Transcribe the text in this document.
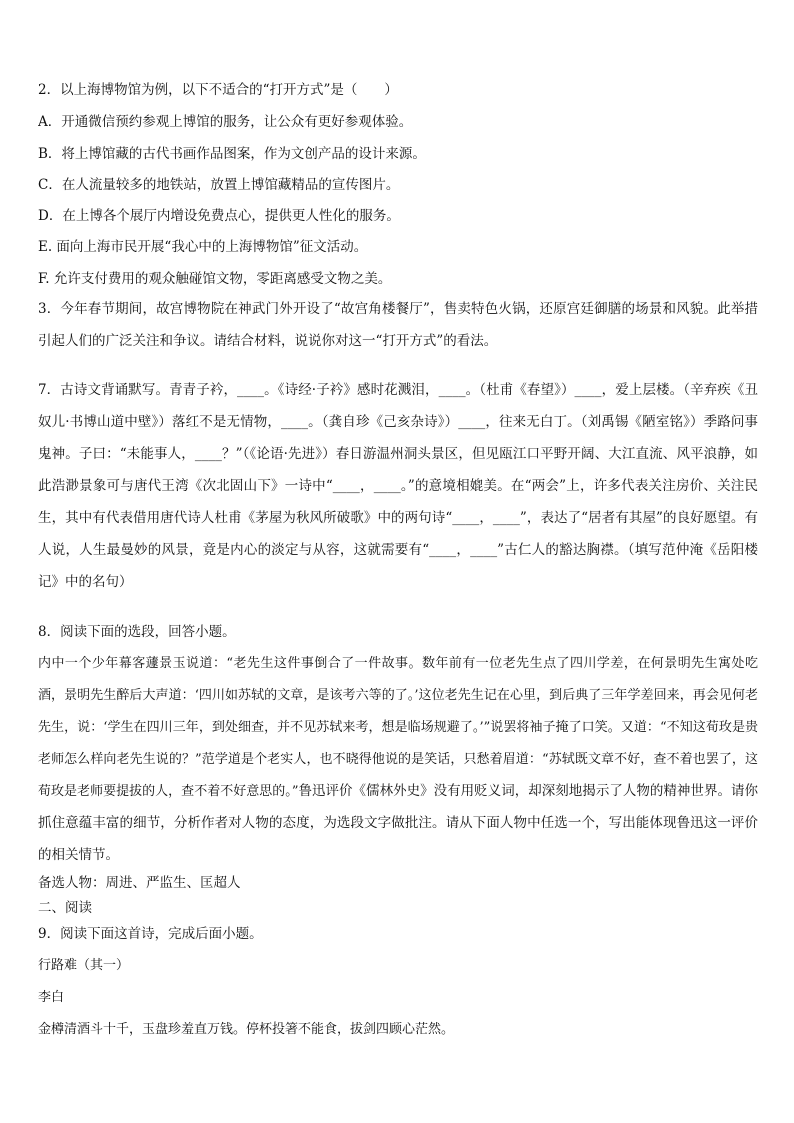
2．以上海博物馆为例，以下不适合的“打开方式”是（　　）
A．开通微信预约参观上博馆的服务，让公众有更好参观体验。
B．将上博馆藏的古代书画作品图案，作为文创产品的设计来源。
C．在人流量较多的地铁站，放置上博馆藏精品的宣传图片。
D．在上博各个展厅内增设免费点心，提供更人性化的服务。
E. 面向上海市民开展“我心中的上海博物馆”征文活动。
F. 允许支付费用的观众触碰馆文物，零距离感受文物之美。
3．今年春节期间，故宫博物院在神武门外开设了“故宫角楼餐厅”，售卖特色火锅，还原宫廷御膳的场景和风貌。此举措引起人们的广泛关注和争议。请结合材料，说说你对这一“打开方式”的看法。
7．古诗文背诵默写。青青子衿，____。《诗经·子衿》感时花溅泪，____。（杜甫《春望》）____，爱上层楼。（辛弃疾《丑奴儿·书博山道中壁》）落红不是无情物，____。（龚自珍《己亥杂诗》）____，往来无白丁。（刘禹锡《陋室铭》）季路问事鬼神。子曰：“未能事人，____？”（《论语·先进》）春日游温州洞头景区，但见瓯江口平野开阔、大江直流、风平浪静，如此浩渺景象可与唐代王湾《次北固山下》一诗中“____，____。”的意境相媲美。在“两会”上，许多代表关注房价、关注民生，其中有代表借用唐代诗人杜甫《茅屋为秋风所破歌》中的两句诗“____，____”，表达了“居者有其屋”的良好愿望。有人说，人生最曼妙的风景，竟是内心的淡定与从容，这就需要有“____，____”古仁人的豁达胸襟。（填写范仲淹《岳阳楼记》中的名句）
8．阅读下面的选段，回答小题。
内中一个少年幕客蘧景玉说道：“老先生这件事倒合了一件故事。数年前有一位老先生点了四川学差，在何景明先生寓处吃酒，景明先生醉后大声道：‘四川如苏轼的文章，是该考六等的了。’这位老先生记在心里，到后典了三年学差回来，再会见何老先生，说：‘学生在四川三年，到处细查，并不见苏轼来考，想是临场规避了。’”说罢将袖子掩了口笑。又道：“不知这荀玫是贵老师怎么样向老先生说的？”范学道是个老实人，也不晓得他说的是笑话，只愁着眉道：“苏轼既文章不好，查不着也罢了，这荀玫是老师要提拔的人，查不着不好意思的。”鲁迅评价《儒林外史》没有用贬义词，却深刻地揭示了人物的精神世界。请你抓住意蕴丰富的细节，分析作者对人物的态度，为选段文字做批注。请从下面人物中任选一个，写出能体现鲁迅这一评价的相关情节。
备选人物：周进、严监生、匡超人
二、阅读
9．阅读下面这首诗，完成后面小题。
行路难（其一）
李白
金樽清酒斗十千，玉盘珍羞直万钱。停杯投箸不能食，拔剑四顾心茫然。
